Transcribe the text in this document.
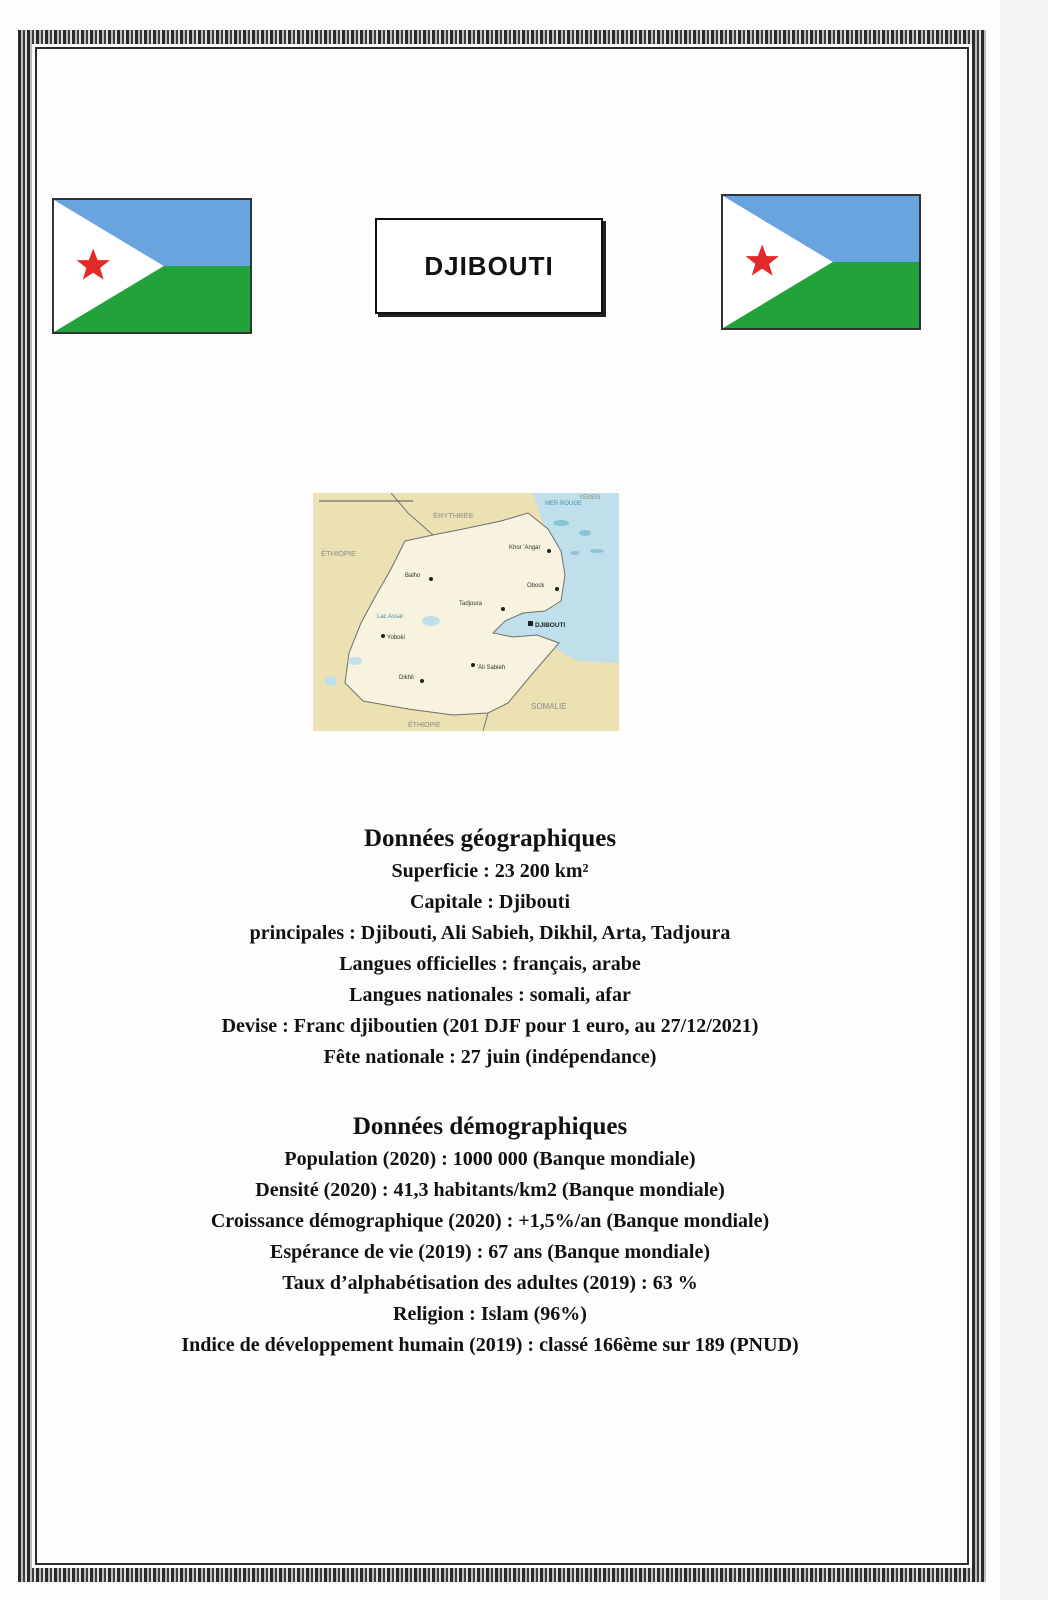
DJIBOUTI
ÉRYTHRÉE
ÉTHIOPIE
ÉTHIOPIE
SOMALIE
MER ROUGE
YÉMEN
Lac Assal
DJIBOUTI
Khor 'Angar
Balho
Obock
Tadjoura
Yoboki
Dikhil
'Ali Sabieh
Données géographiques
Superficie : 23 200 km²
Capitale : Djibouti
principales : Djibouti, Ali Sabieh, Dikhil, Arta, Tadjoura
Langues officielles : français, arabe
Langues nationales : somali, afar
Devise : Franc djiboutien (201 DJF pour 1 euro, au 27/12/2021)
Fête nationale : 27 juin (indépendance)
Données démographiques
Population (2020) : 1000 000 (Banque mondiale)
Densité (2020) : 41,3 habitants/km2 (Banque mondiale)
Croissance démographique (2020) : +1,5%/an (Banque mondiale)
Espérance de vie (2019) : 67 ans (Banque mondiale)
Taux d’alphabétisation des adultes (2019) : 63 %
Religion : Islam (96%)
Indice de développement humain (2019) : classé 166ème sur 189 (PNUD)
